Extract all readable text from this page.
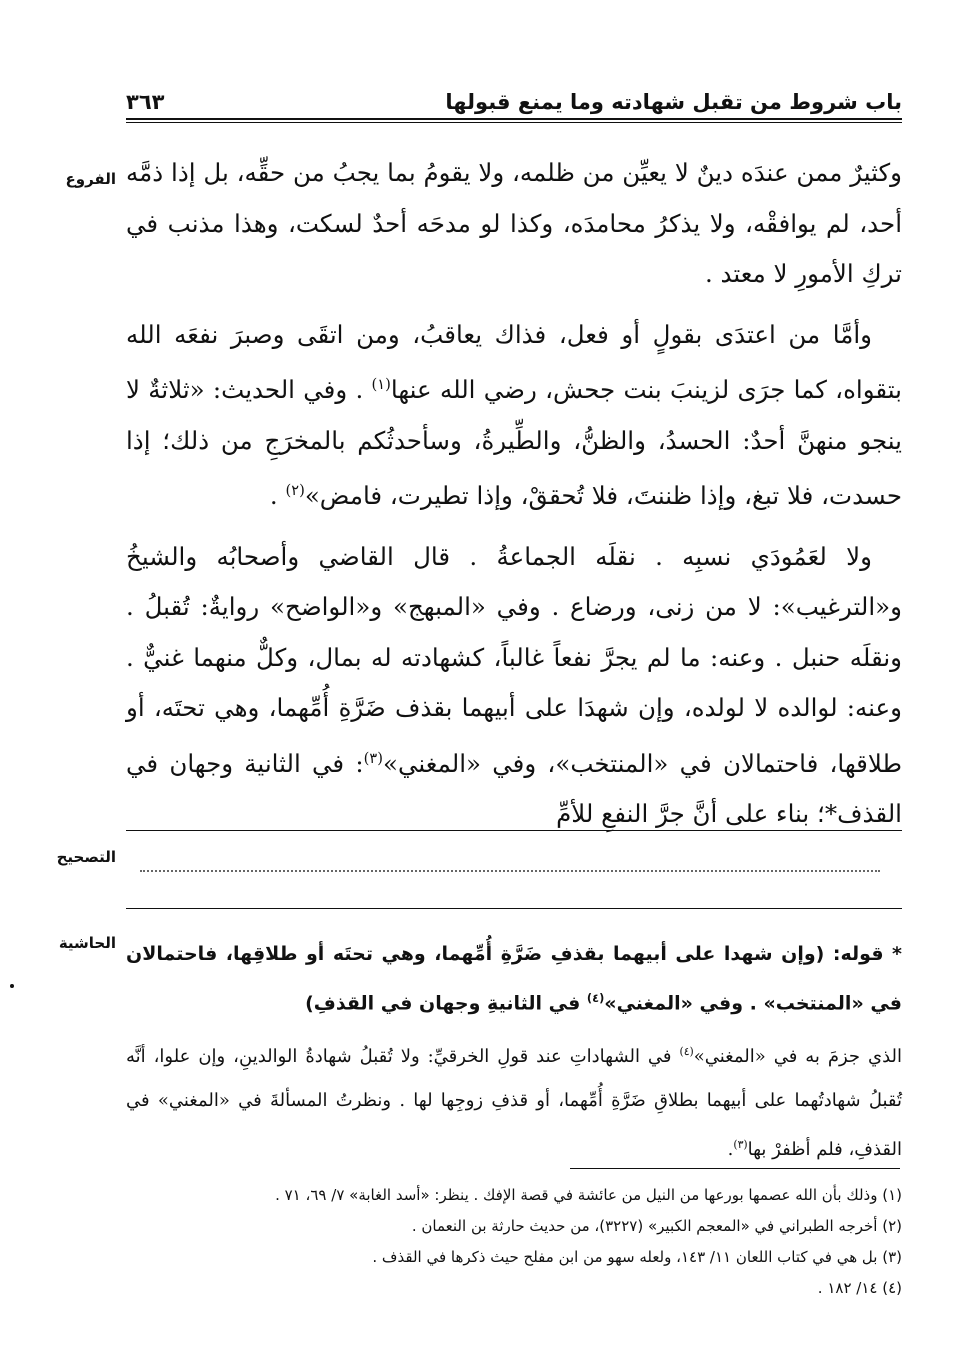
باب شروط من تقبل شهادته وما يمنع قبولها
٣٦٣
الفروع وكثيرٌ ممن عندَه دينٌ لا يعيِّن من ظلمه، ولا يقومُ بما يجبُ من حقِّه، بل إذا ذمَّه أحد، لم يوافقْه، ولا يذكرُ محامدَه، وكذا لو مدحَه أحدٌ لسكت، وهذا مذنب في تركِ الأمورِ لا معتد .

وأمَّا من اعتدَى بقولٍ أو فعل، فذاك يعاقبُ، ومن اتقَى وصبرَ نفعَه الله بتقواه، كما جرَى لزينبَ بنت جحش، رضي الله عنها$^{(١)}$ . وفي الحديث: «ثلاثةٌ لا ينجو منهنَّ أحدٌ: الحسدُ، والظنُّ، والطِّيرةُ، وسأحدثُكم بالمخرَجِ من ذلك؛ إذا حسدت، فلا تبغ، وإذا ظننتَ، فلا تُحققْ، وإذا تطيرت، فامض»$^{(٢)}$ .

ولا لعَمُودَي نسبِه . نقلَه الجماعةُ . قال القاضي وأصحابُه والشيخُ و«الترغيب»: لا من زنى، ورضاع . وفي «المبهج» و«الواضح» روايةٌ: تُقبلُ . ونقلَه حنبل . وعنه: ما لم يجرَّ نفعاً غالباً، كشهادته له بمال، وكلٌّ منهما غنيٌّ . وعنه: لوالده لا لولده، وإن شهدَا على أبيهما بقذف ضَرَّةِ أُمِّهما، وهي تحتَه، أو طلاقها، فاحتمالان في «المنتخب»، وفي «المغني»$^{(٣)}$: في الثانية وجهان في القذف*؛ بناء على أنَّ جرَّ النفعِ للأمِّ

التصحيح
الحاشية * قوله: (وإن شهدا على أبيهما بقذفِ ضَرَّةِ أُمِّهما، وهي تحتَه أو طلاقِها، فاحتمالان في «المنتخب» . وفي «المغني»$^{(٤)}$ في الثانيةِ وجهان في القذفِ)

الذي جزمَ به في «المغني»$^{(٤)}$ في الشهاداتِ عند قولِ الخرقيِّ: ولا تُقبلُ شهادةُ الوالدينِ، وإن علوا، أنَّه تُقبلُ شهادتُهما على أبيهما بطلاقِ ضَرَّةِ أُمِّهما، أو قذفِ زوجِها لها . ونظرتُ المسألةَ في «المغني» في القذفِ، فلم أظفرْ بها$^{(٣)}$.

(١) وذلك بأن الله عصمها بورعها من النيل من عائشة في قصة الإفك . ينظر: «أسد الغابة» ٧/ ٦٩، ٧١ .
(٢) أخرجه الطبراني في «المعجم الكبير» (٣٢٢٧)، من حديث حارثة بن النعمان .
(٣) بل هي في كتاب اللعان ١١/ ١٤٣، ولعله سهو من ابن مفلح حيث ذكرها في القذف .
(٤) ١٤/ ١٨٢ .
